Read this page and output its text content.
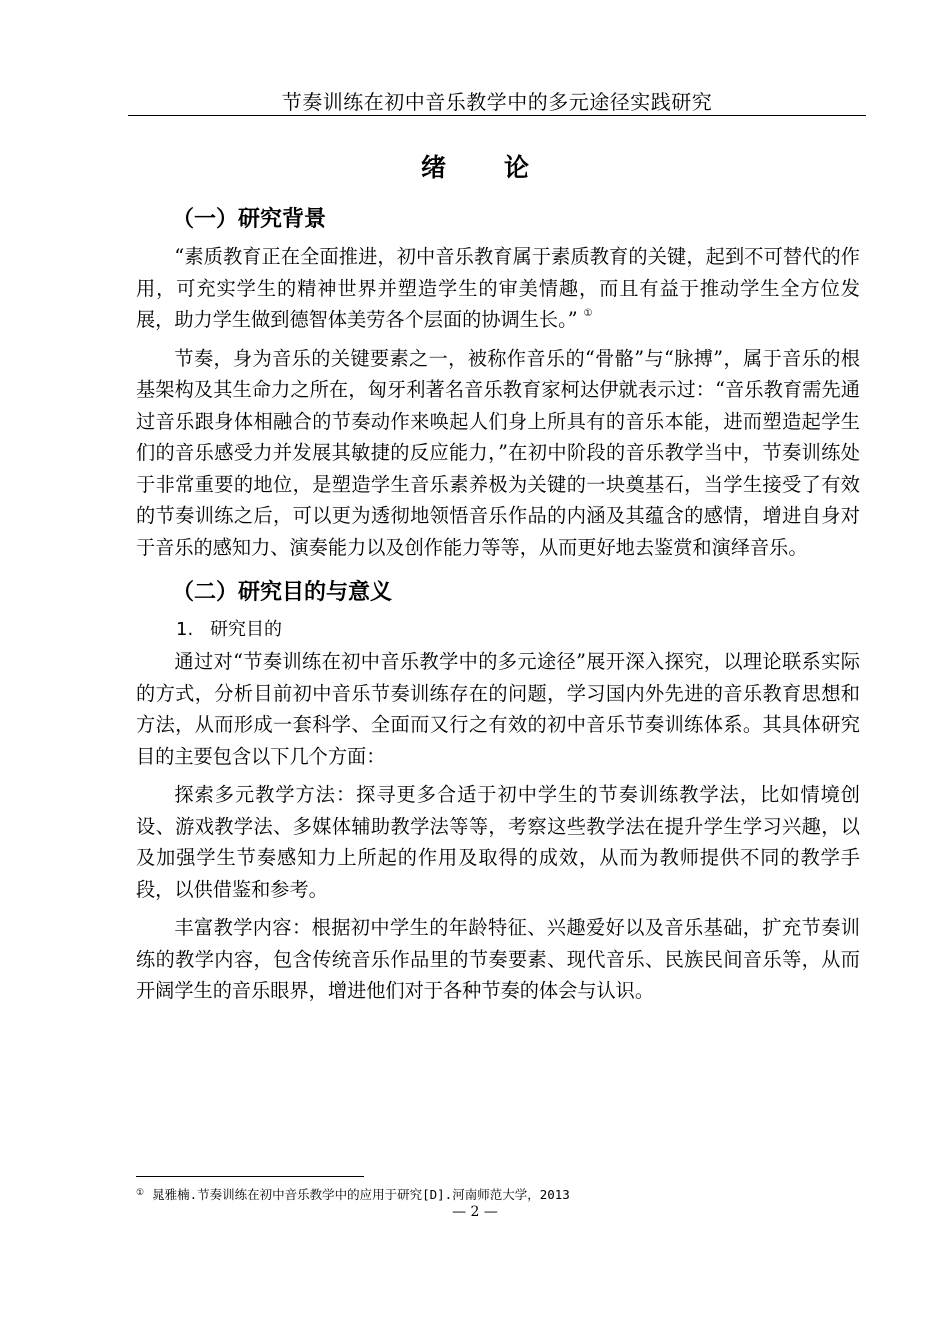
节奏训练在初中音乐教学中的多元途径实践研究
绪论
（一）研究背景

“素质教育正在全面推进，初中音乐教育属于素质教育的关键，起到不可替代的作用，可充实学生的精神世界并塑造学生的审美情趣，而且有益于推动学生全方位发展，助力学生做到德智体美劳各个层面的协调生长。” ①

节奏，身为音乐的关键要素之一，被称作音乐的“骨骼”与“脉搏”，属于音乐的根基架构及其生命力之所在，匈牙利著名音乐教育家柯达伊就表示过：“音乐教育需先通过音乐跟身体相融合的节奏动作来唤起人们身上所具有的音乐本能，进而塑造起学生们的音乐感受力并发展其敏捷的反应能力，”在初中阶段的音乐教学当中，节奏训练处于非常重要的地位，是塑造学生音乐素养极为关键的一块奠基石，当学生接受了有效的节奏训练之后，可以更为透彻地领悟音乐作品的内涵及其蕴含的感情，增进自身对于音乐的感知力、演奏能力以及创作能力等等，从而更好地去鉴赏和演绎音乐。

（二）研究目的与意义
1. 研究目的

通过对“节奏训练在初中音乐教学中的多元途径”展开深入探究，以理论联系实际的方式，分析目前初中音乐节奏训练存在的问题，学习国内外先进的音乐教育思想和方法，从而形成一套科学、全面而又行之有效的初中音乐节奏训练体系。其具体研究目的主要包含以下几个方面：

探索多元教学方法：探寻更多合适于初中学生的节奏训练教学法，比如情境创设、游戏教学法、多媒体辅助教学法等等，考察这些教学法在提升学生学习兴趣，以及加强学生节奏感知力上所起的作用及取得的成效，从而为教师提供不同的教学手段，以供借鉴和参考。

丰富教学内容：根据初中学生的年龄特征、兴趣爱好以及音乐基础，扩充节奏训练的教学内容，包含传统音乐作品里的节奏要素、现代音乐、民族民间音乐等，从而开阔学生的音乐眼界，增进他们对于各种节奏的体会与认识。

① 晁雅楠.节奏训练在初中音乐教学中的应用于研究[D].河南师范大学，2013
— 2 —
